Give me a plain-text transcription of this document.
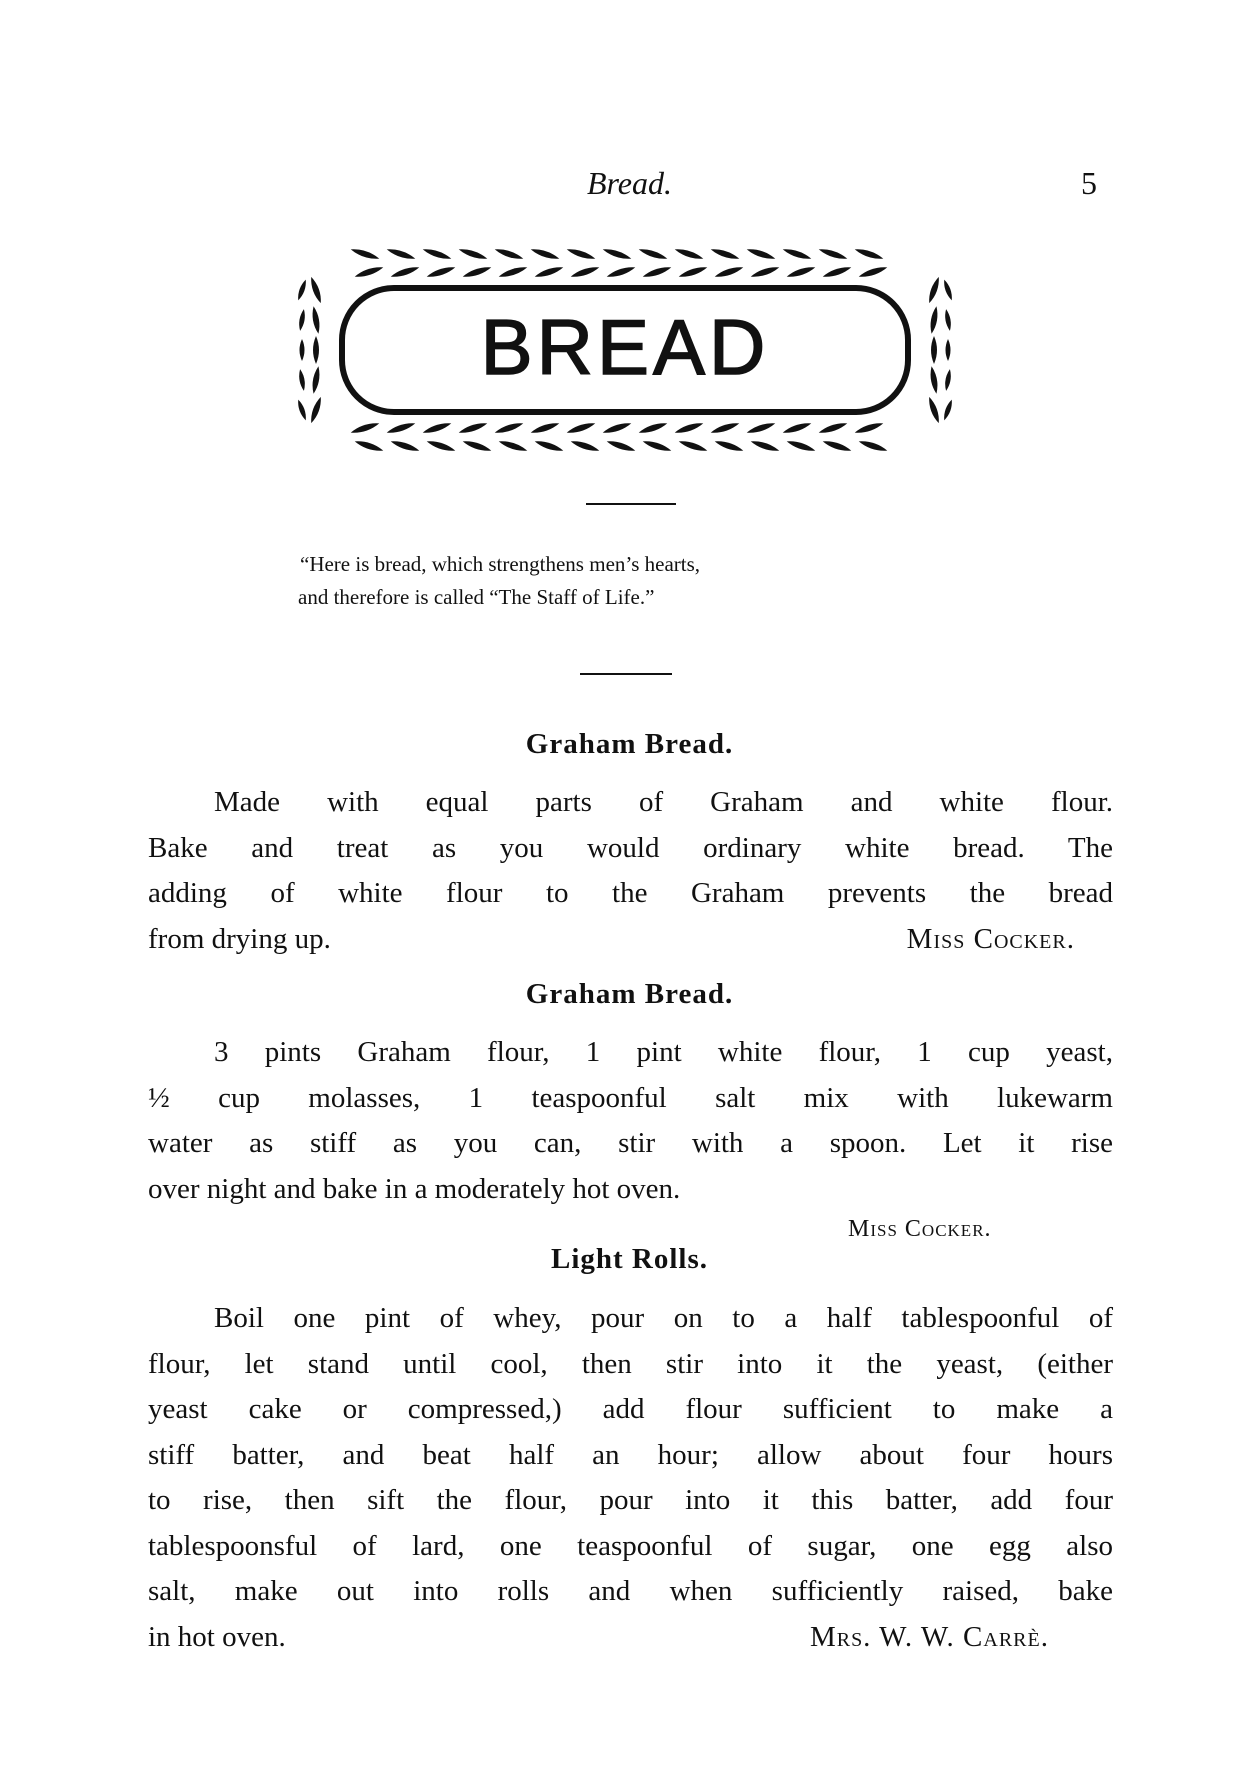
Bread.	5
BREAD
“Here is bread, which strengthens men’s hearts,
and therefore is called “The Staff of Life.”
Graham Bread.
Made with equal parts of Graham and white flour.
Bake and treat as you would ordinary white bread. The
adding of white flour to the Graham prevents the bread
from drying up.	Miss Cocker.
Graham Bread.
3 pints Graham flour, 1 pint white flour, 1 cup yeast,
½ cup molasses, 1 teaspoonful salt mix with lukewarm
water as stiff as you can, stir with a spoon. Let it rise
over night and bake in a moderately hot oven.
Miss Cocker.
Light Rolls.
Boil one pint of whey, pour on to a half tablespoonful of
flour, let stand until cool, then stir into it the yeast, (either
yeast cake or compressed,) add flour sufficient to make a
stiff batter, and beat half an hour; allow about four hours
to rise, then sift the flour, pour into it this batter, add four
tablespoonsful of lard, one teaspoonful of sugar, one egg also
salt, make out into rolls and when sufficiently raised, bake
in hot oven.	Mrs. W. W. Carrè.
